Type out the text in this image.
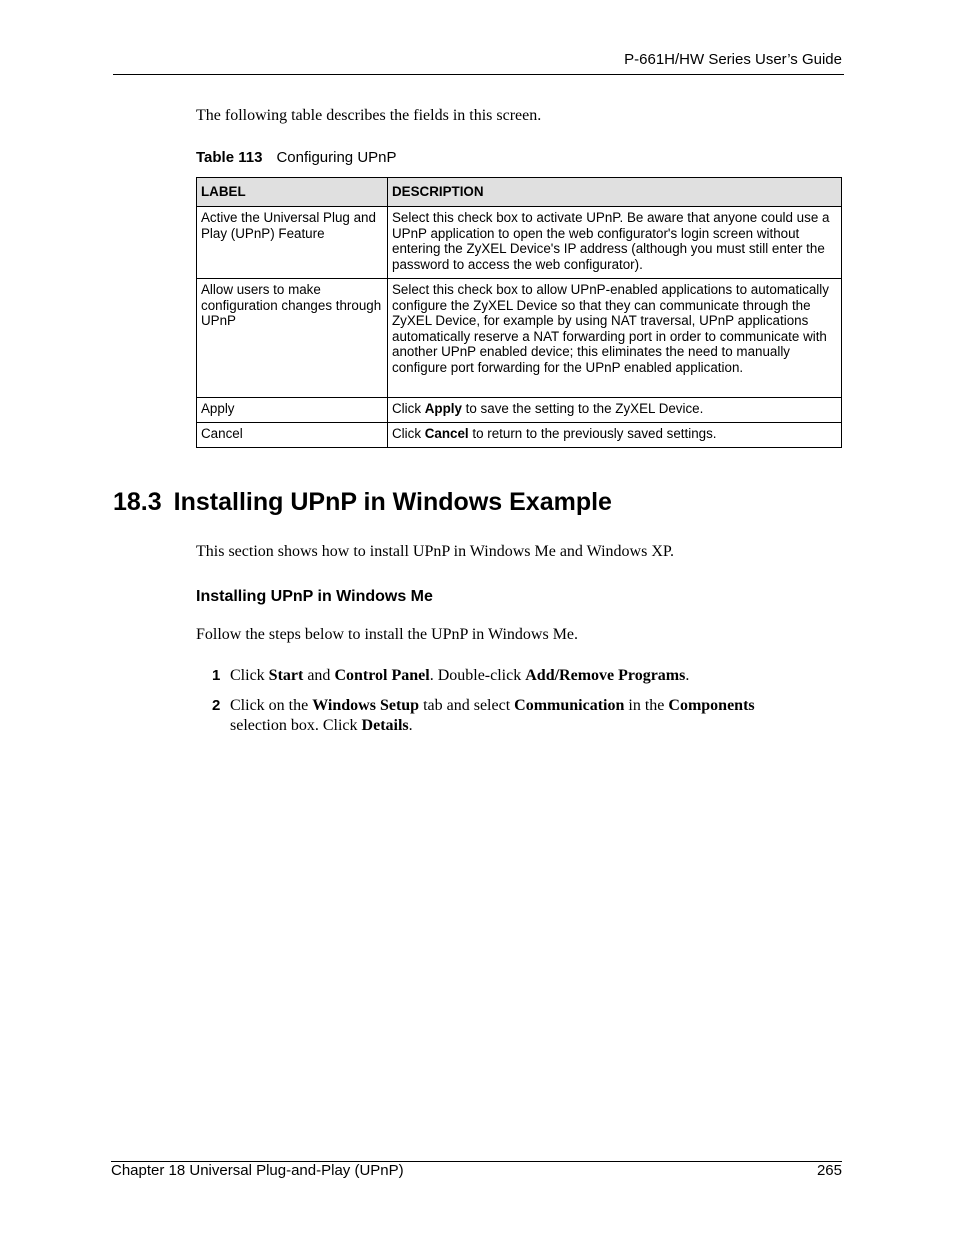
P-661H/HW Series User’s Guide

The following table describes the fields in this screen.

Table 113 Configuring UPnP
LABEL	DESCRIPTION
Active the Universal Plug and Play (UPnP) Feature	Select this check box to activate UPnP. Be aware that anyone could use a UPnP application to open the web configurator's login screen without entering the ZyXEL Device's IP address (although you must still enter the password to access the web configurator).
Allow users to make configuration changes through UPnP	Select this check box to allow UPnP-enabled applications to automatically configure the ZyXEL Device so that they can communicate through the ZyXEL Device, for example by using NAT traversal, UPnP applications automatically reserve a NAT forwarding port in order to communicate with another UPnP enabled device; this eliminates the need to manually configure port forwarding for the UPnP enabled application.
Apply	Click Apply to save the setting to the ZyXEL Device.
Cancel	Click Cancel to return to the previously saved settings.
18.3 Installing UPnP in Windows Example

This section shows how to install UPnP in Windows Me and Windows XP.

Installing UPnP in Windows Me

Follow the steps below to install the UPnP in Windows Me.

1 Click Start and Control Panel. Double-click Add/Remove Programs.
2 Click on the Windows Setup tab and select Communication in the Components selection box. Click Details.
Chapter 18 Universal Plug-and-Play (UPnP)	265
